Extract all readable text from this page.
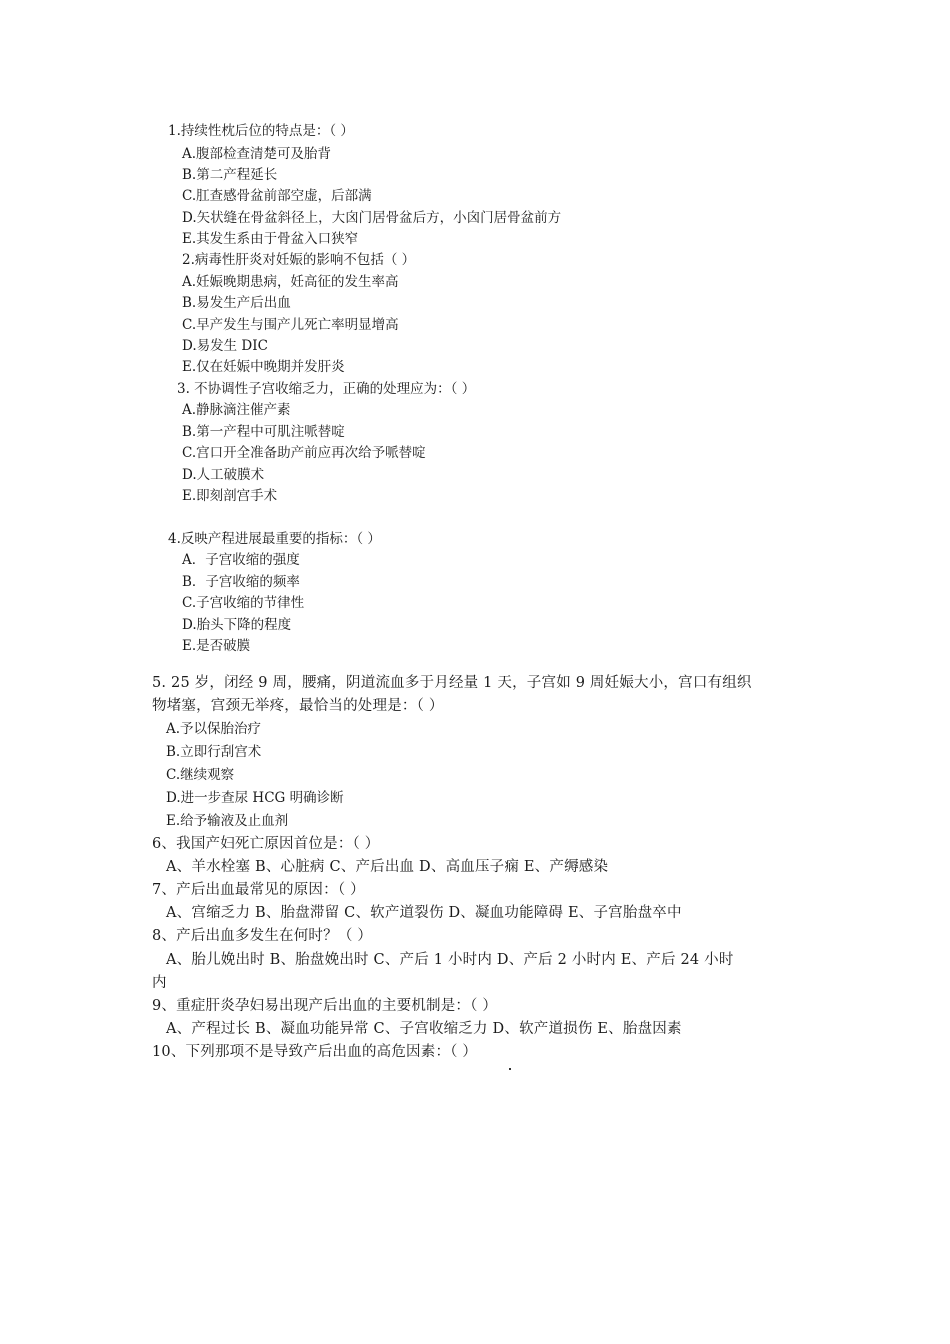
1.持续性枕后位的特点是：（ ）
A.腹部检查清楚可及胎背
B.第二产程延长
C.肛查感骨盆前部空虚，后部满
D.矢状缝在骨盆斜径上，大囟门居骨盆后方，小囟门居骨盆前方
E.其发生系由于骨盆入口狭窄
2.病毒性肝炎对妊娠的影响不包括（ ）
A.妊娠晚期患病，妊高征的发生率高
B.易发生产后出血
C.早产发生与围产儿死亡率明显增高
D.易发生 DIC
E.仅在妊娠中晚期并发肝炎
3. 不协调性子宫收缩乏力，正确的处理应为：（ ）
A.静脉滴注催产素
B.第一产程中可肌注哌替啶
C.宫口开全准备助产前应再次给予哌替啶
D.人工破膜术
E.即刻剖宫手术
4.反映产程进展最重要的指标：（ ）
A．子宫收缩的强度
B．子宫收缩的频率
C.子宫收缩的节律性
D.胎头下降的程度
E.是否破膜
5. 25 岁，闭经 9 周，腰痛，阴道流血多于月经量 1 天，子宫如 9 周妊娠大小，宫口有组织
物堵塞，宫颈无举疼，最恰当的处理是：（ ）
A.予以保胎治疗
B.立即行刮宫术
C.继续观察
D.进一步查尿 HCG 明确诊断
E.给予输液及止血剂
6、我国产妇死亡原因首位是：（ ）
A、羊水栓塞 B、心脏病 C、产后出血 D、高血压子痫 E、产缛感染
7、产后出血最常见的原因：（ ）
A、宫缩乏力 B、胎盘滞留 C、软产道裂伤 D、凝血功能障碍 E、子宫胎盘卒中
8、产后出血多发生在何时？（ ）
A、胎儿娩出时 B、胎盘娩出时 C、产后 1 小时内 D、产后 2 小时内 E、产后 24 小时
内
9、重症肝炎孕妇易出现产后出血的主要机制是：（ ）
A、产程过长 B、凝血功能异常 C、子宫收缩乏力 D、软产道损伤 E、胎盘因素
10、下列那项不是导致产后出血的高危因素：（ ）
